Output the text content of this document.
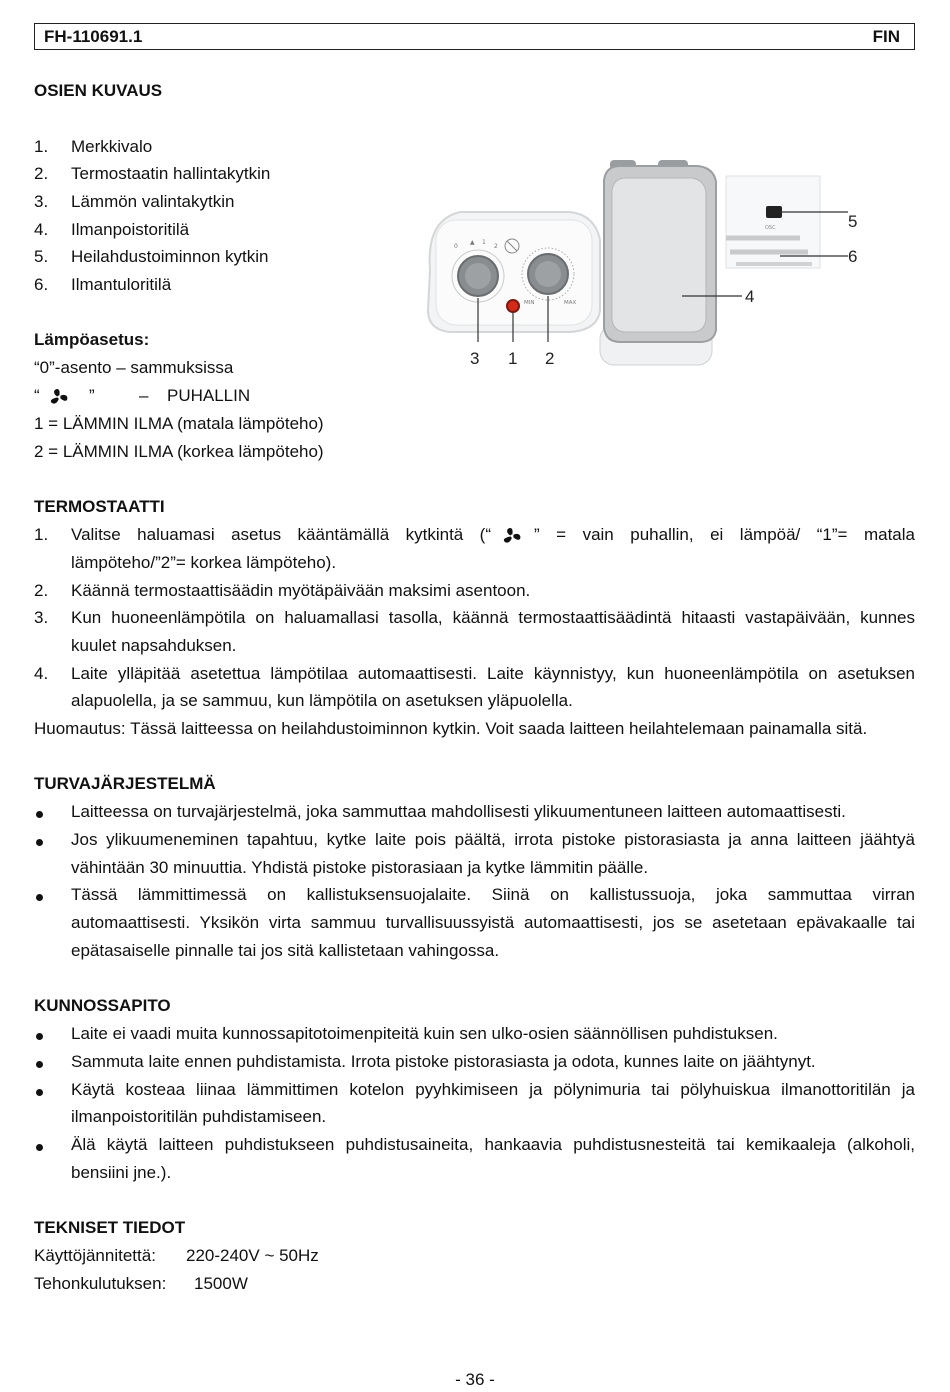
FH-110691.1	FIN
OSIEN KUVAUS
1. Merkkivalo
2. Termostaatin hallintakytkin
3. Lämmön valintakytkin
4. Ilmanpoistoritilä
5. Heilahdustoiminnon kytkin
6. Ilmantuloritilä
0
▲ 1
2
MIN	MAX
OSC
3 1 2
4
5
6
Lämpöasetus:
“0”-asento – sammuksissa
“	”	– PUHALLIN
1 = LÄMMIN ILMA (matala lämpöteho)
2 = LÄMMIN ILMA (korkea lämpöteho)
TERMOSTAATTI
1. Valitse haluamasi asetus kääntämällä kytkintä (“	” = vain puhallin, ei lämpöä/ “1”= matala
lämpöteho/”2”= korkea lämpöteho).
2. Käännä termostaattisäädin myötäpäivään maksimi asentoon.
3. Kun huoneenlämpötila on haluamallasi tasolla, käännä termostaattisäädintä hitaasti vastapäivään, kunnes
kuulet napsahduksen.
4. Laite ylläpitää asetettua lämpötilaa automaattisesti. Laite käynnistyy, kun huoneenlämpötila on asetuksen
alapuolella, ja se sammuu, kun lämpötila on asetuksen yläpuolella.
Huomautus: Tässä laitteessa on heilahdustoiminnon kytkin. Voit saada laitteen heilahtelemaan painamalla sitä.
TURVAJÄRJESTELMÄ
Laitteessa on turvajärjestelmä, joka sammuttaa mahdollisesti ylikuumentuneen laitteen automaattisesti.
Jos ylikuumeneminen tapahtuu, kytke laite pois päältä, irrota pistoke pistorasiasta ja anna laitteen jäähtyä
vähintään 30 minuuttia. Yhdistä pistoke pistorasiaan ja kytke lämmitin päälle.
Tässä lämmittimessä on kallistuksensuojalaite. Siinä on kallistussuoja, joka sammuttaa virran
automaattisesti. Yksikön virta sammuu turvallisuussyistä automaattisesti, jos se asetetaan epävakaalle tai
epätasaiselle pinnalle tai jos sitä kallistetaan vahingossa.
KUNNOSSAPITO
Laite ei vaadi muita kunnossapitotoimenpiteitä kuin sen ulko-osien säännöllisen puhdistuksen.
Sammuta laite ennen puhdistamista. Irrota pistoke pistorasiasta ja odota, kunnes laite on jäähtynyt.
Käytä kosteaa liinaa lämmittimen kotelon pyyhkimiseen ja pölynimuria tai pölyhuiskua ilmanottoritilän ja
ilmanpoistoritilän puhdistamiseen.
Älä käytä laitteen puhdistukseen puhdistusaineita, hankaavia puhdistusnesteitä tai kemikaaleja (alkoholi,
bensiini jne.).
TEKNISET TIEDOT
Käyttöjännitettä: 220-240V ~ 50Hz
Tehonkulutuksen: 1500W
- 36 -
